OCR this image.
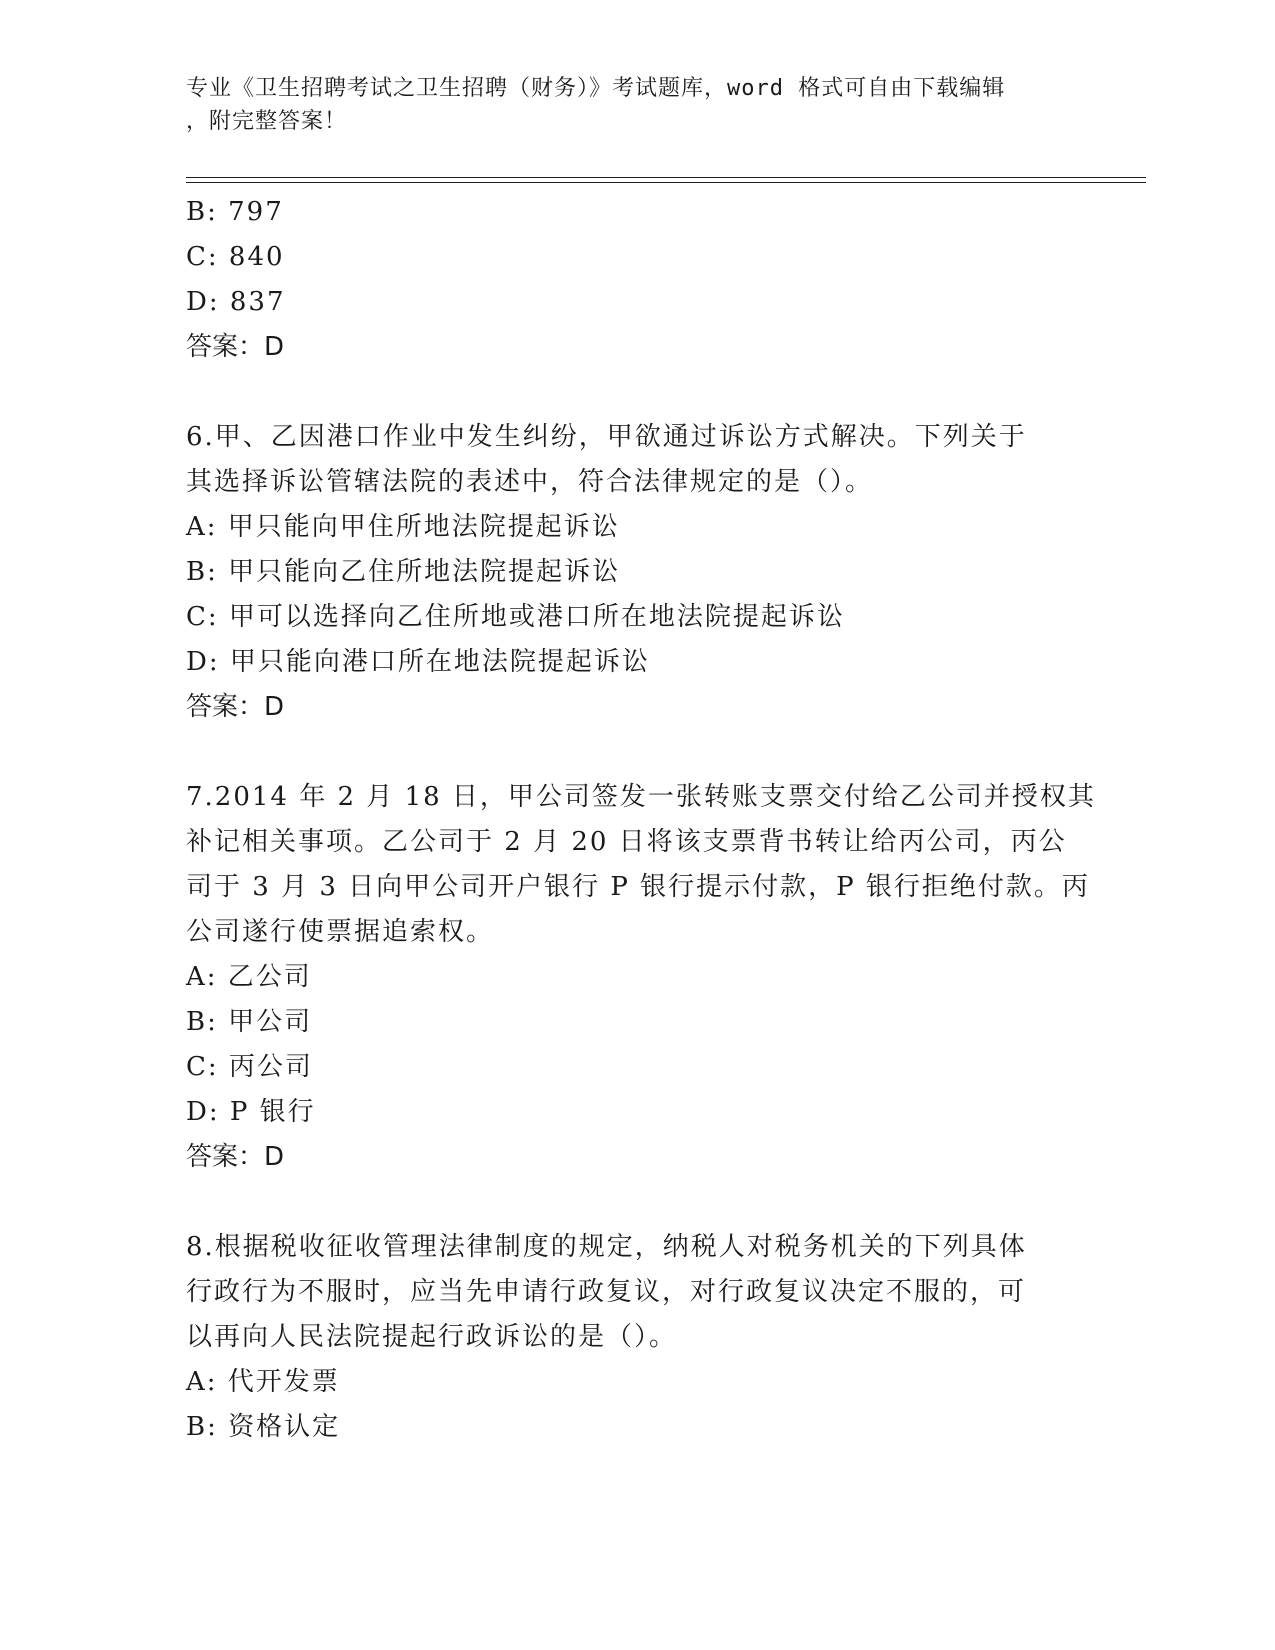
专业《卫生招聘考试之卫生招聘（财务）》考试题库，word 格式可自由下载编辑
，附完整答案！
B: 797
C: 840
D: 837
答案：D
6.甲、乙因港口作业中发生纠纷，甲欲通过诉讼方式解决。下列关于
其选择诉讼管辖法院的表述中，符合法律规定的是（）。
A: 甲只能向甲住所地法院提起诉讼
B: 甲只能向乙住所地法院提起诉讼
C: 甲可以选择向乙住所地或港口所在地法院提起诉讼
D: 甲只能向港口所在地法院提起诉讼
答案：D
7.2014 年 2 月 18 日，甲公司签发一张转账支票交付给乙公司并授权其
补记相关事项。乙公司于 2 月 20 日将该支票背书转让给丙公司，丙公
司于 3 月 3 日向甲公司开户银行 P 银行提示付款，P 银行拒绝付款。丙
公司遂行使票据追索权。
A: 乙公司
B: 甲公司
C: 丙公司
D: P 银行
答案：D
8.根据税收征收管理法律制度的规定，纳税人对税务机关的下列具体
行政行为不服时，应当先申请行政复议，对行政复议决定不服的，可
以再向人民法院提起行政诉讼的是（）。
A: 代开发票
B: 资格认定
